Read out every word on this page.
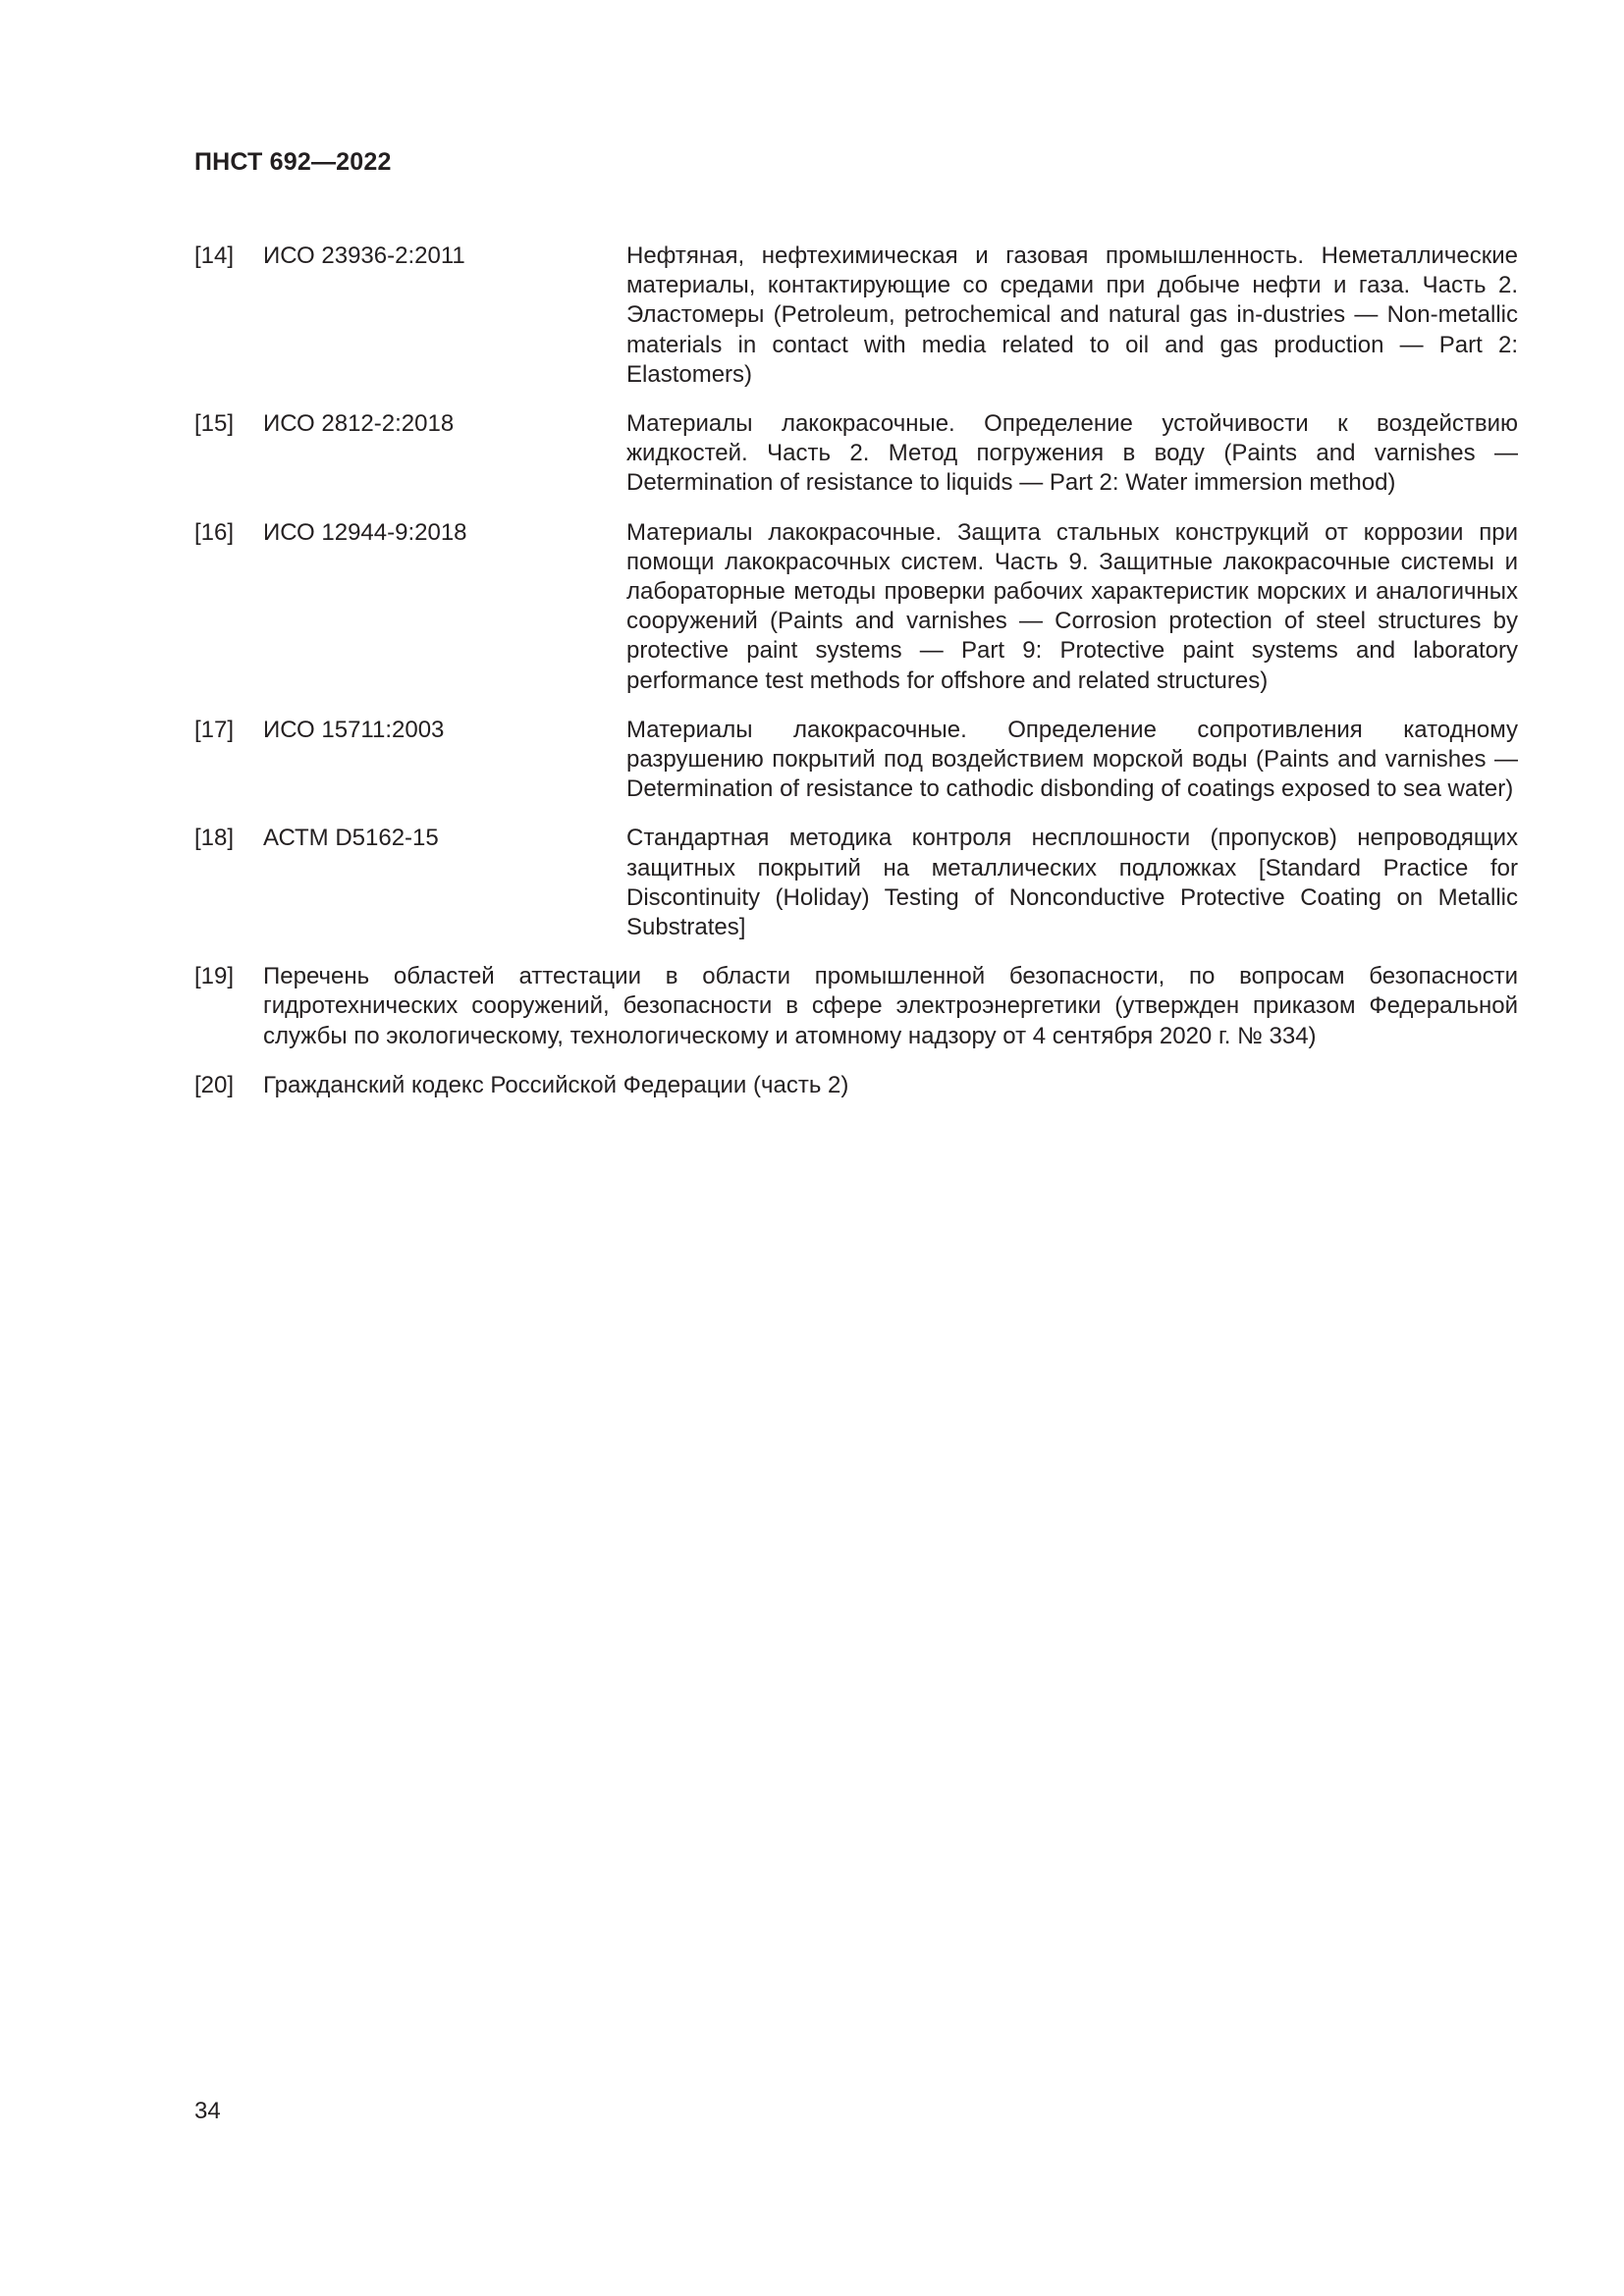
ПНСТ 692—2022
[14]	ИСО 23936-2:2011	Нефтяная, нефтехимическая и газовая промышленность. Неметаллические материалы, контактирующие со средами при добыче нефти и газа. Часть 2. Эластомеры (Petroleum, petrochemical and natural gas in-dustries — Non-metallic materials in contact with media related to oil and gas production — Part 2: Elastomers)
[15]	ИСО 2812-2:2018	Материалы лакокрасочные. Определение устойчивости к воздействию жидкостей. Часть 2. Метод погружения в воду (Paints and varnishes — Determination of resistance to liquids — Part 2: Water immersion method)
[16]	ИСО 12944-9:2018	Материалы лакокрасочные. Защита стальных конструкций от коррозии при помощи лакокрасочных систем. Часть 9. Защитные лакокрасочные системы и лабораторные методы проверки рабочих характеристик морских и аналогичных сооружений (Paints and varnishes — Corrosion protection of steel structures by protective paint systems — Part 9: Protective paint systems and laboratory performance test methods for offshore and related structures)
[17]	ИСО 15711:2003	Материалы лакокрасочные. Определение сопротивления катодному разрушению покрытий под воздействием морской воды (Paints and varnishes — Determination of resistance to cathodic disbonding of coatings exposed to sea water)
[18]	АСТМ D5162-15	Стандартная методика контроля несплошности (пропусков) непроводящих защитных покрытий на металлических подложках [Standard Practice for Discontinuity (Holiday) Testing of Nonconductive Protective Coating on Metallic Substrates]
[19]	Перечень областей аттестации в области промышленной безопасности, по вопросам безопасности гидротехнических сооружений, безопасности в сфере электроэнергетики (утвержден приказом Федеральной службы по экологическому, технологическому и атомному надзору от 4 сентября 2020 г. № 334)
[20]	Гражданский кодекс Российской Федерации (часть 2)
34
